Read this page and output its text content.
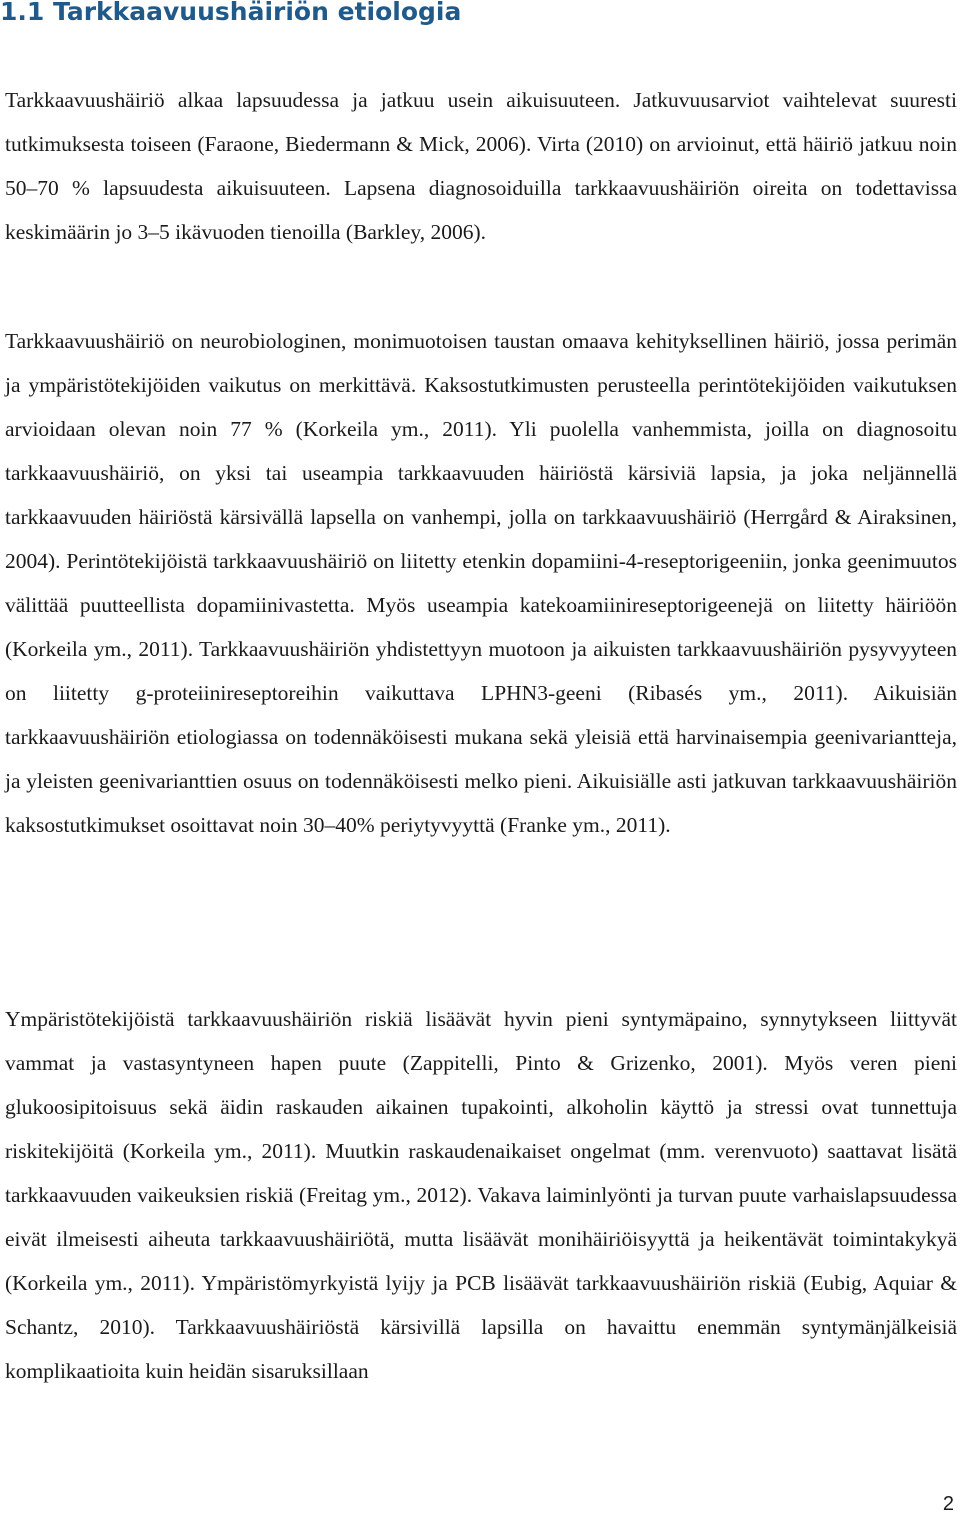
1.1 Tarkkaavuushäiriön etiologia

Tarkkaavuushäiriö alkaa lapsuudessa ja jatkuu usein aikuisuuteen. Jatkuvuusarviot vaihtelevat suuresti tutkimuksesta toiseen (Faraone, Biedermann & Mick, 2006). Virta (2010) on arvioinut, että häiriö jatkuu noin 50–70 % lapsuudesta aikuisuuteen. Lapsena diagnosoiduilla tarkkaavuushäiriön oireita on todettavissa keskimäärin jo 3–5 ikävuoden tienoilla (Barkley, 2006).

Tarkkaavuushäiriö on neurobiologinen, monimuotoisen taustan omaava kehityksellinen häiriö, jossa perimän ja ympäristötekijöiden vaikutus on merkittävä. Kaksostutkimusten perusteella perintötekijöiden vaikutuksen arvioidaan olevan noin 77 % (Korkeila ym., 2011). Yli puolella vanhemmista, joilla on diagnosoitu tarkkaavuushäiriö, on yksi tai useampia tarkkaavuuden häiriöstä kärsiviä lapsia, ja joka neljännellä tarkkaavuuden häiriöstä kärsivällä lapsella on vanhempi, jolla on tarkkaavuushäiriö (Herrgård & Airaksinen, 2004). Perintötekijöistä tarkkaavuushäiriö on liitetty etenkin dopamiini-4-reseptorigeeniin, jonka geenimuutos välittää puutteellista dopamiinivastetta. Myös useampia katekoamiinireseptorigeenejä on liitetty häiriöön (Korkeila ym., 2011). Tarkkaavuushäiriön yhdistettyyn muotoon ja aikuisten tarkkaavuushäiriön pysyvyyteen on liitetty g-proteiinireseptoreihin vaikuttava LPHN3-geeni (Ribasés ym., 2011). Aikuisiän tarkkaavuushäiriön etiologiassa on todennäköisesti mukana sekä yleisiä että harvinaisempia geenivariantteja, ja yleisten geenivarianttien osuus on todennäköisesti melko pieni. Aikuisiälle asti jatkuvan tarkkaavuushäiriön kaksostutkimukset osoittavat noin 30–40% periytyvyyttä (Franke ym., 2011).

Ympäristötekijöistä tarkkaavuushäiriön riskiä lisäävät hyvin pieni syntymäpaino, synnytykseen liittyvät vammat ja vastasyntyneen hapen puute (Zappitelli, Pinto & Grizenko, 2001). Myös veren pieni glukoosipitoisuus sekä äidin raskauden aikainen tupakointi, alkoholin käyttö ja stressi ovat tunnettuja riskitekijöitä (Korkeila ym., 2011). Muutkin raskaudenaikaiset ongelmat (mm. verenvuoto) saattavat lisätä tarkkaavuuden vaikeuksien riskiä (Freitag ym., 2012). Vakava laiminlyönti ja turvan puute varhaislapsuudessa eivät ilmeisesti aiheuta tarkkaavuushäiriötä, mutta lisäävät monihäiriöisyyttä ja heikentävät toimintakykyä (Korkeila ym., 2011). Ympäristömyrkyistä lyijy ja PCB lisäävät tarkkaavuushäiriön riskiä (Eubig, Aquiar & Schantz, 2010). Tarkkaavuushäiriöstä kärsivillä lapsilla on havaittu enemmän syntymänjälkeisiä komplikaatioita kuin heidän sisaruksillaan

2
